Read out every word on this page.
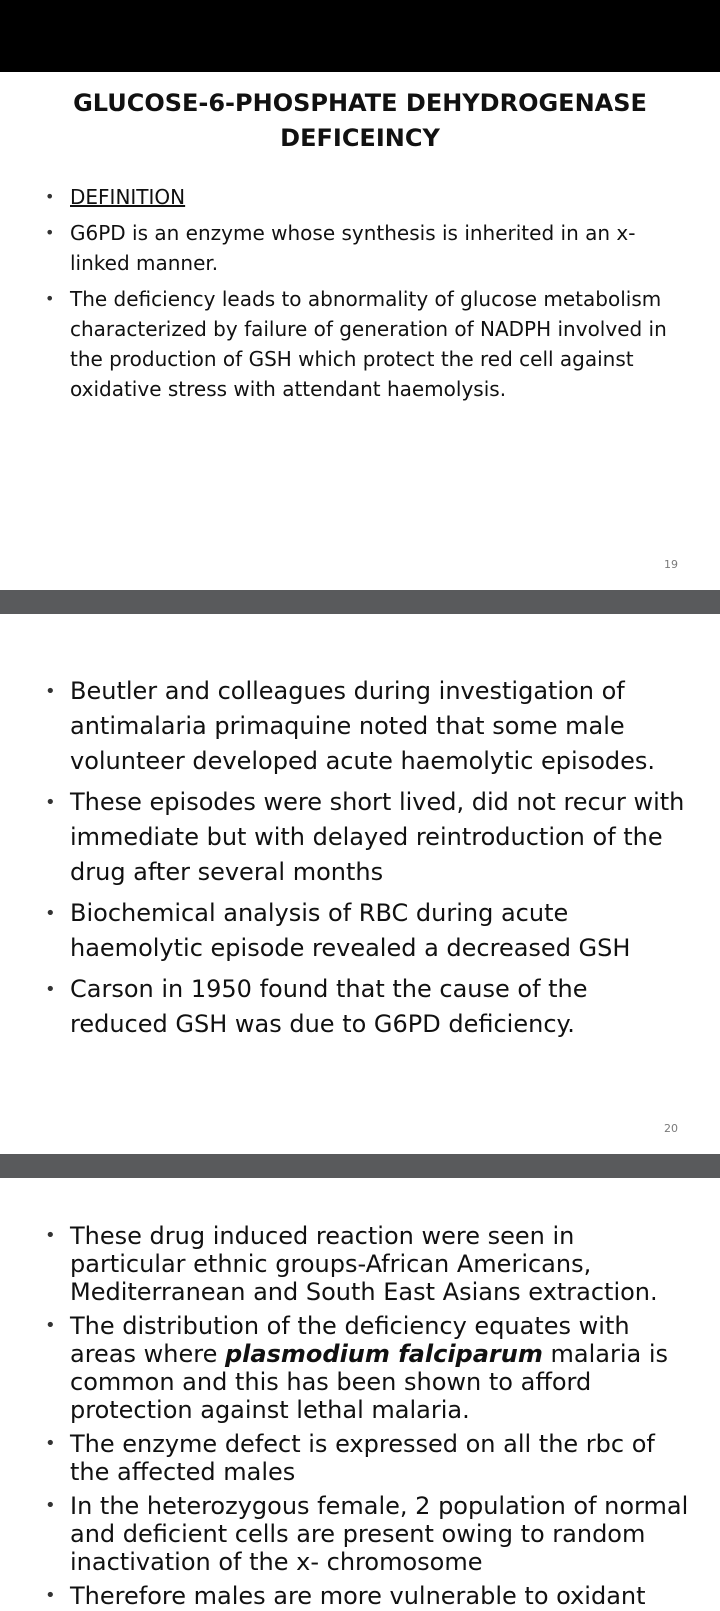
GLUCOSE-6-PHOSPHATE DEHYDROGENASE
DEFICEINCY
• DEFINITION
• G6PD is an enzyme whose synthesis is inherited in an x-linked manner.
• The deficiency leads to abnormality of glucose metabolism characterized by failure of generation of NADPH involved in the production of GSH which protect the red cell against oxidative stress with attendant haemolysis.
19
• Beutler and colleagues during investigation of antimalaria primaquine noted that some male volunteer developed acute haemolytic episodes.
• These episodes were short lived, did not recur with immediate but with delayed reintroduction of the drug after several months
• Biochemical analysis of RBC during acute haemolytic episode revealed a decreased GSH
• Carson in 1950 found that the cause of the reduced GSH was due to G6PD deficiency.
20
• These drug induced reaction were seen in particular ethnic groups-African Americans, Mediterranean and South East Asians extraction.
• The distribution of the deficiency equates with areas where plasmodium falciparum malaria is common and this has been shown to afford protection against lethal malaria.
• The enzyme defect is expressed on all the rbc of the affected males
• In the heterozygous female, 2 population of normal and deficient cells are present owing to random inactivation of the x- chromosome
• Therefore males are more vulnerable to oxidant
